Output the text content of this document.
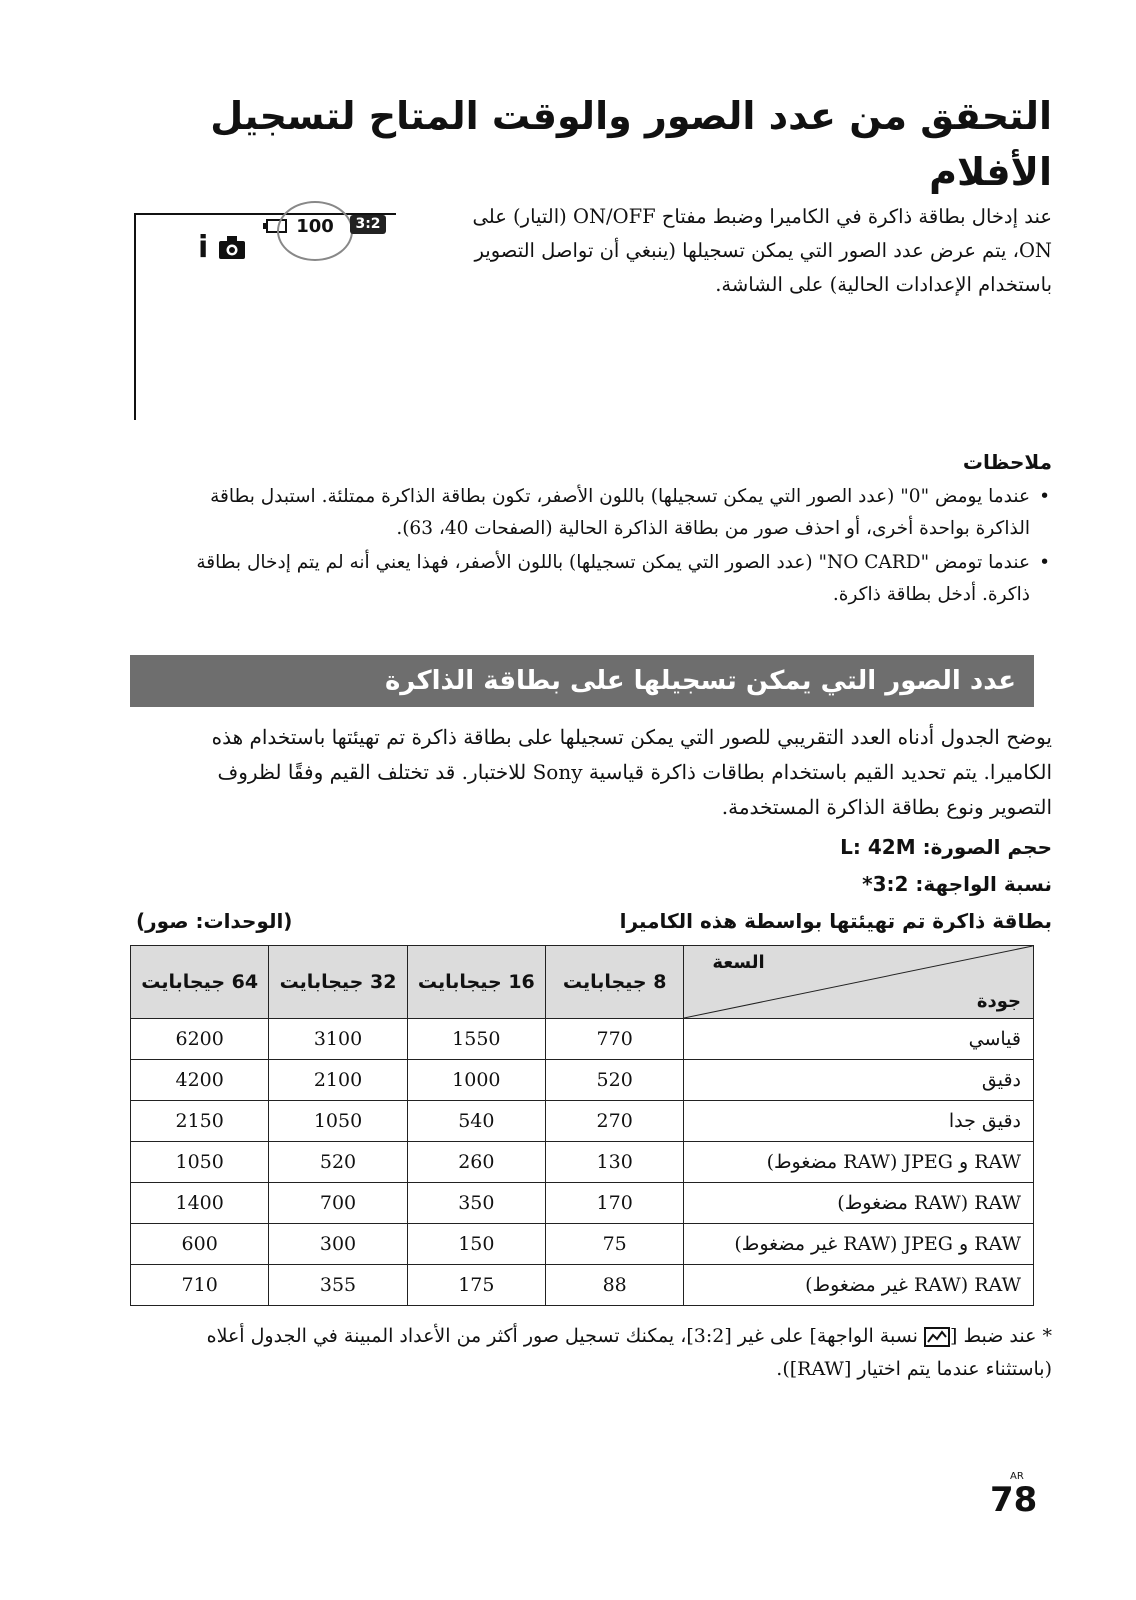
التحقق من عدد الصور والوقت المتاح لتسجيل الأفلام
i
100	3:2	عند إدخال بطاقة ذاكرة في الكاميرا وضبط مفتاح ON/OFF (التيار) على ON، يتم عرض عدد الصور التي يمكن تسجيلها (ينبغي أن تواصل التصوير باستخدام الإعدادات الحالية) على الشاشة.

ملاحظات
• عندما يومض "0" (عدد الصور التي يمكن تسجيلها) باللون الأصفر، تكون بطاقة الذاكرة ممتلئة. استبدل بطاقة الذاكرة بواحدة أخرى، أو احذف صور من بطاقة الذاكرة الحالية (الصفحات 40، 63).
• عندما تومض "NO CARD" (عدد الصور التي يمكن تسجيلها) باللون الأصفر، فهذا يعني أنه لم يتم إدخال بطاقة ذاكرة. أدخل بطاقة ذاكرة.
عدد الصور التي يمكن تسجيلها على بطاقة الذاكرة

يوضح الجدول أدناه العدد التقريبي للصور التي يمكن تسجيلها على بطاقة ذاكرة تم تهيئتها باستخدام هذه الكاميرا. يتم تحديد القيم باستخدام بطاقات ذاكرة قياسية Sony للاختبار. قد تختلف القيم وفقًا لظروف التصوير ونوع بطاقة الذاكرة المستخدمة.

حجم الصورة: L: 42M

نسبة الواجهة: 3:2*

بطاقة ذاكرة تم تهيئتها بواسطة هذه الكاميرا

(الوحدات: صور)

السعة
جودة	8 جيجابايت	16 جيجابايت	32 جيجابايت	64 جيجابايت
قياسي	770	1550	3100	6200
دقيق	520	1000	2100	4200
دقيق جدا	270	540	1050	2150
RAW و JPEG (RAW مضغوط)	130	260	520	1050
RAW (RAW مضغوط)	170	350	700	1400
RAW و JPEG (RAW غير مضغوط)	75	150	300	600
RAW (RAW غير مضغوط)	88	175	355	710

* عند ضبط [ نسبة الواجهة] على غير [3:2]، يمكنك تسجيل صور أكثر من الأعداد المبينة في الجدول أعلاه (باستثناء عندما يتم اختيار [RAW]).

AR
78
